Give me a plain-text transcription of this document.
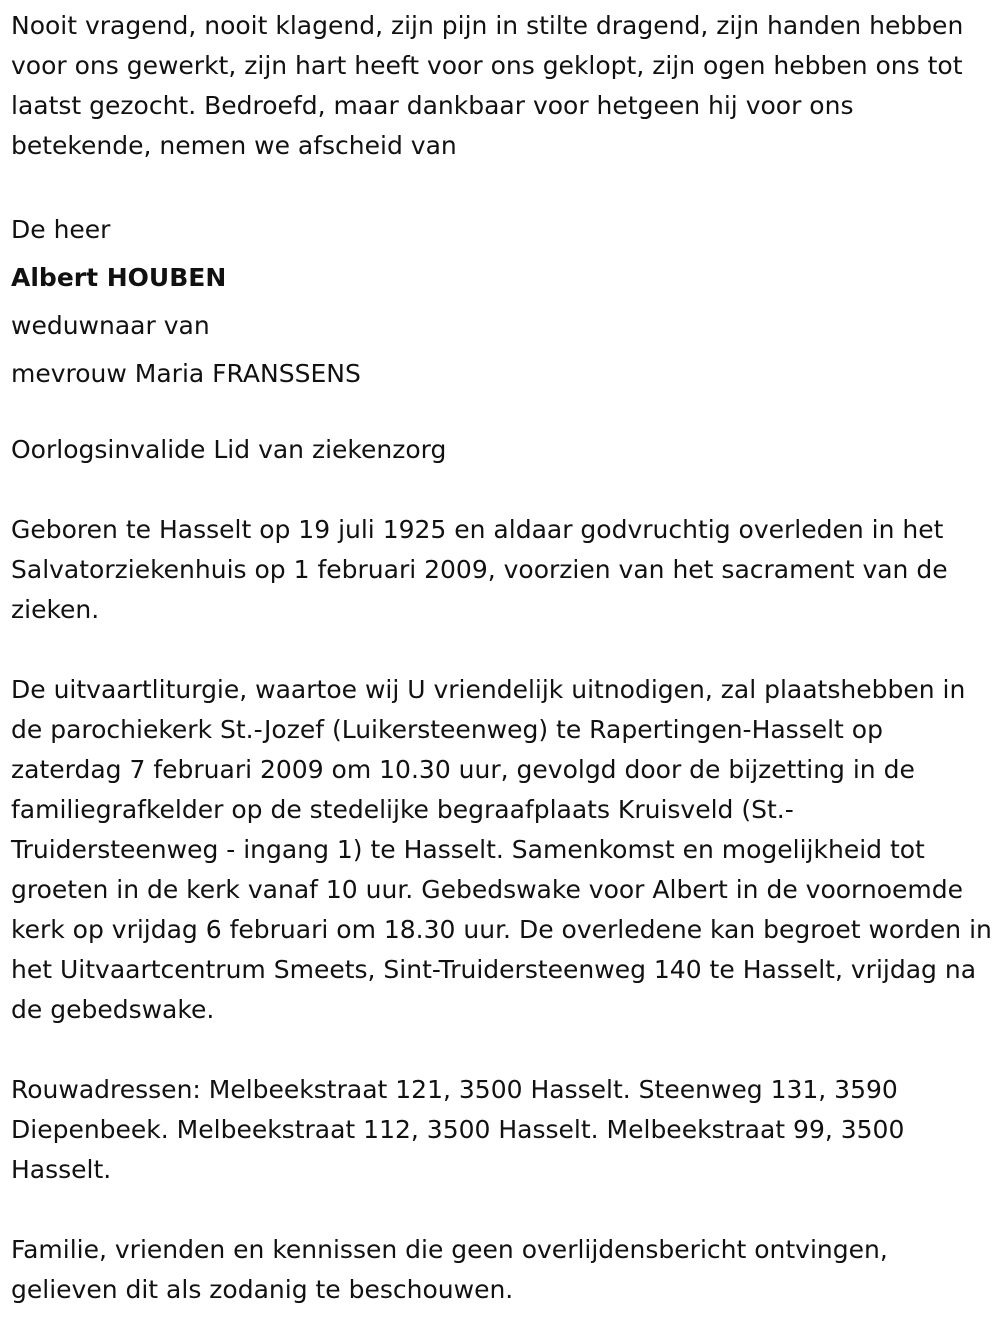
Nooit vragend, nooit klagend, zijn pijn in stilte dragend, zijn handen hebben voor ons gewerkt, zijn hart heeft voor ons geklopt, zijn ogen hebben ons tot laatst gezocht. Bedroefd, maar dankbaar voor hetgeen hij voor ons betekende, nemen we afscheid van

De heer

Albert HOUBEN

weduwnaar van

mevrouw Maria FRANSSENS

Oorlogsinvalide Lid van ziekenzorg

Geboren te Hasselt op 19 juli 1925 en aldaar godvruchtig overleden in het Salvatorziekenhuis op 1 februari 2009, voorzien van het sacrament van de zieken.

De uitvaartliturgie, waartoe wij U vriendelijk uitnodigen, zal plaatshebben in de parochiekerk St.-Jozef (Luikersteenweg) te Rapertingen-Hasselt op zaterdag 7 februari 2009 om 10.30 uur, gevolgd door de bijzetting in de familiegrafkelder op de stedelijke begraafplaats Kruisveld (St.-Truidersteenweg - ingang 1) te Hasselt. Samenkomst en mogelijkheid tot groeten in de kerk vanaf 10 uur. Gebedswake voor Albert in de voornoemde kerk op vrijdag 6 februari om 18.30 uur. De overledene kan begroet worden in het Uitvaartcentrum Smeets, Sint-Truidersteenweg 140 te Hasselt, vrijdag na de gebedswake.

Rouwadressen: Melbeekstraat 121, 3500 Hasselt. Steenweg 131, 3590 Diepenbeek. Melbeekstraat 112, 3500 Hasselt. Melbeekstraat 99, 3500 Hasselt.

Familie, vrienden en kennissen die geen overlijdensbericht ontvingen, gelieven dit als zodanig te beschouwen.
